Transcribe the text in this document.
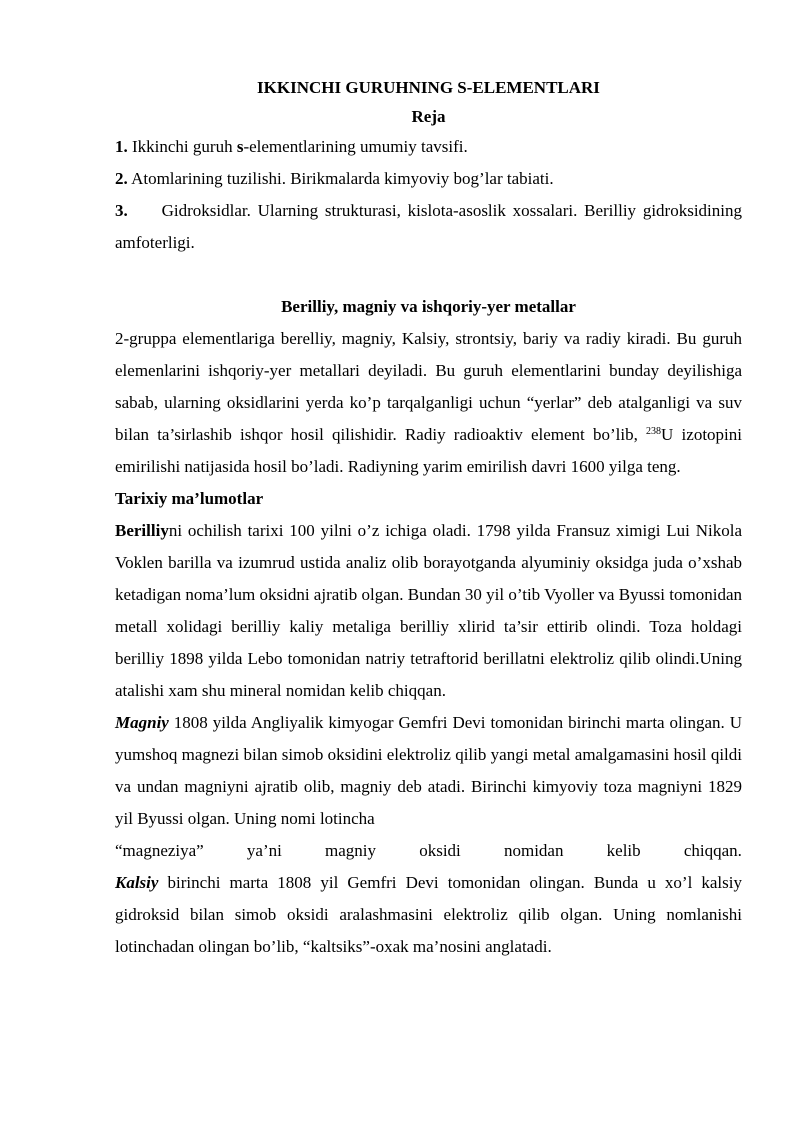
IKKINCHI GURUHNING S-ELEMENTLARI

Reja

1. Ikkinchi guruh s-elementlarining umumiy tavsifi.

2. Atomlarining tuzilishi. Birikmalarda kimyoviy bog’lar tabiati.

3. Gidroksidlar. Ularning strukturasi, kislota-asoslik xossalari. Berilliy gidroksidining amfoterligi.

Berilliy, magniy va ishqoriy-yer metallar

2-gruppa elementlariga berelliy, magniy, Kalsiy, strontsiy, bariy va radiy kiradi. Bu guruh elemenlarini ishqoriy-yer metallari deyiladi. Bu guruh elementlarini bunday deyilishiga sabab, ularning oksidlarini yerda ko’p tarqalganligi uchun “yerlar” deb atalganligi va suv bilan ta’sirlashib ishqor hosil qilishidir. Radiy radioaktiv element bo’lib, $^{238}$U izotopini emirilishi natijasida hosil bo’ladi. Radiyning yarim emirilish davri 1600 yilga teng.

Tarixiy ma’lumotlar

Berilliyni ochilish tarixi 100 yilni o’z ichiga oladi. 1798 yilda Fransuz ximigi Lui Nikola Voklen barilla va izumrud ustida analiz olib borayotganda alyuminiy oksidga juda o’xshab ketadigan noma’lum oksidni ajratib olgan. Bundan 30 yil o’tib Vyoller va Byussi tomonidan metall xolidagi berilliy kaliy metaliga berilliy xlirid ta’sir ettirib olindi. Toza holdagi berilliy 1898 yilda Lebo tomonidan natriy tetraftorid berillatni elektroliz qilib olindi.Uning atalishi xam shu mineral nomidan kelib chiqqan.

Magniy 1808 yilda Angliyalik kimyogar Gemfri Devi tomonidan birinchi marta olingan. U yumshoq magnezi bilan simob oksidini elektroliz qilib yangi metal amalgamasini hosil qildi va undan magniyni ajratib olib, magniy deb atadi. Birinchi kimyoviy toza magniyni 1829 yil Byussi olgan. Uning nomi lotincha

“magneziya”	ya’ni	magniy	oksidi	nomidan	kelib	chiqqan.

Kalsiy birinchi marta 1808 yil Gemfri Devi tomonidan olingan. Bunda u xo’l kalsiy gidroksid bilan simob oksidi aralashmasini elektroliz qilib olgan. Uning nomlanishi lotinchadan olingan bo’lib, “kaltsiks”-oxak ma’nosini anglatadi.
